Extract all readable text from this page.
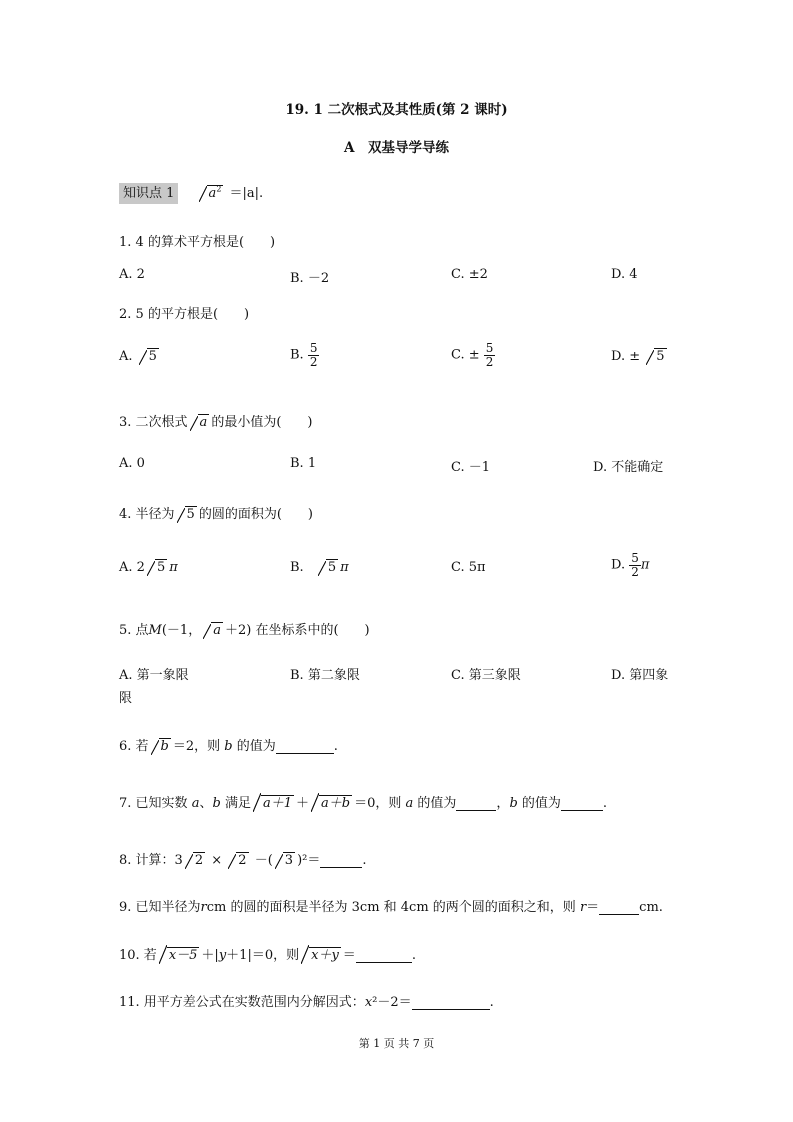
19. 1 二次根式及其性质(第 2 课时)
A　双基导学导练
知识点 1	$a^2 =|a|$.
1. 4 的算术平方根是(　　)
A. 2	B. －2	C. ±2	D. 4
2. 5 的平方根是(　　)
A. 5	B. $\frac{5}{2}$	C. ± $\frac{5}{2}$	D. ± 5
3. 二次根式 a 的最小值为(　　)
A. 0	B. 1	C. －1	D. 不能确定
4. 半径为 5 的圆的面积为(　　)
A. 2 5 π	B. 5 π	C. 5π	D. $\frac{5}{2}$ π
5. 点M(－1， a ＋2) 在坐标系中的(　　)
A. 第一象限	B. 第二象限	C. 第三象限	D. 第四象
限
6. 若 b ＝2，则 b 的值为	.
7. 已知实数 a、b 满足 a＋1 ＋ a＋b ＝0，则 a 的值为	，b 的值为	.
8. 计算：3 2 × 2 －( 3 )²＝	.
9. 已知半径为rcm 的圆的面积是半径为 3cm 和 4cm 的两个圆的面积之和，则 r＝	cm.
10. 若 x－5 ＋|y＋1|＝0，则 x＋y ＝	.
11. 用平方差公式在实数范围内分解因式：x²－2＝	.
第 1 页 共 7 页
